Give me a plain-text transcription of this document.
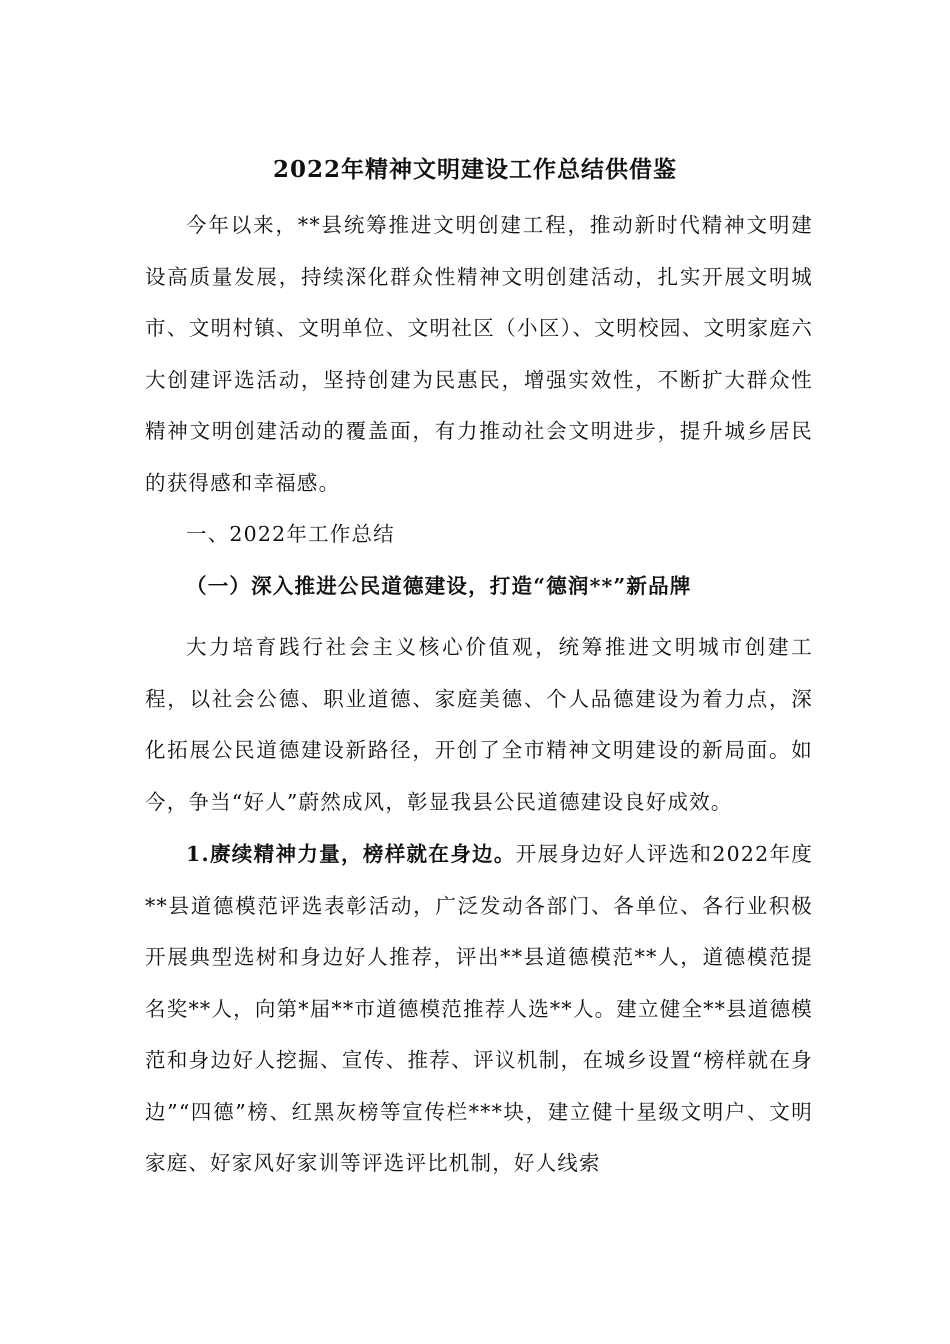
2022年精神文明建设工作总结供借鉴

今年以来，**县统筹推进文明创建工程，推动新时代精神文明建设高质量发展，持续深化群众性精神文明创建活动，扎实开展文明城市、文明村镇、文明单位、文明社区（小区）、文明校园、文明家庭六大创建评选活动，坚持创建为民惠民，增强实效性，不断扩大群众性精神文明创建活动的覆盖面，有力推动社会文明进步，提升城乡居民的获得感和幸福感。

一、2022年工作总结

（一）深入推进公民道德建设，打造“德润**”新品牌

大力培育践行社会主义核心价值观，统筹推进文明城市创建工程，以社会公德、职业道德、家庭美德、个人品德建设为着力点，深化拓展公民道德建设新路径，开创了全市精神文明建设的新局面。如今，争当“好人”蔚然成风，彰显我县公民道德建设良好成效。

1.赓续精神力量，榜样就在身边。开展身边好人评选和2022年度**县道德模范评选表彰活动，广泛发动各部门、各单位、各行业积极开展典型选树和身边好人推荐，评出**县道德模范**人，道德模范提名奖**人，向第*届**市道德模范推荐人选**人。建立健全**县道德模范和身边好人挖掘、宣传、推荐、评议机制，在城乡设置“榜样就在身边”“四德”榜、红黑灰榜等宣传栏***块，建立健十星级文明户、文明家庭、好家风好家训等评选评比机制，好人线索
